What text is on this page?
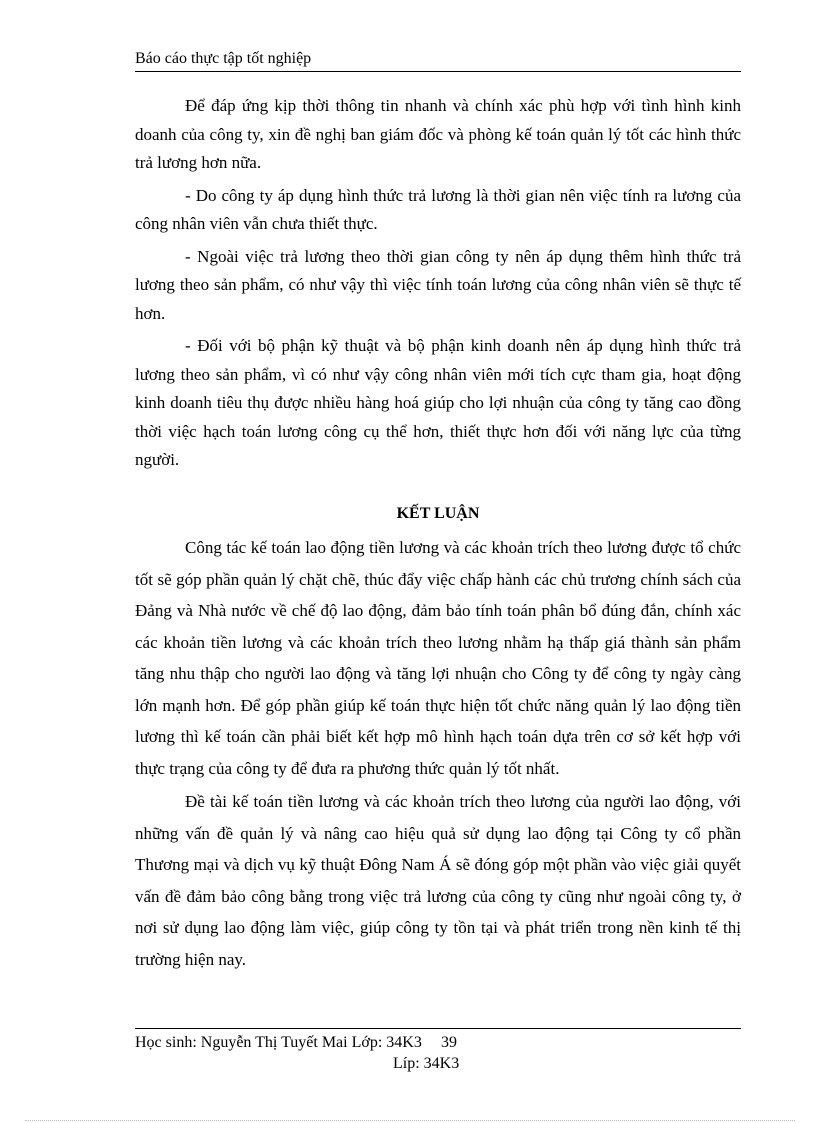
Báo cáo thực tập tốt nghiệp

Để đáp ứng kịp thời thông tin nhanh và chính xác phù hợp với tình hình kinh doanh của công ty, xin đề nghị ban giám đốc và phòng kế toán quản lý tốt các hình thức trả lương hơn nữa.

- Do công ty áp dụng hình thức trả lương là thời gian nên việc tính ra lương của công nhân viên vẫn chưa thiết thực.

- Ngoài việc trả lương theo thời gian công ty nên áp dụng thêm hình thức trả lương theo sản phẩm, có như vậy thì việc tính toán lương của công nhân viên sẽ thực tế hơn.

- Đối với bộ phận kỹ thuật và bộ phận kinh doanh nên áp dụng hình thức trả lương theo sản phẩm, vì có như vậy công nhân viên mới tích cực tham gia, hoạt động kinh doanh tiêu thụ được nhiều hàng hoá giúp cho lợi nhuận của công ty tăng cao đồng thời việc hạch toán lương công cụ thể hơn, thiết thực hơn đối với năng lực của từng người.

KẾT LUẬN

Công tác kế toán lao động tiền lương và các khoản trích theo lương được tổ chức tốt sẽ góp phần quản lý chặt chẽ, thúc đẩy việc chấp hành các chủ trương chính sách của Đảng và Nhà nước về chế độ lao động, đảm bảo tính toán phân bổ đúng đắn, chính xác các khoản tiền lương và các khoản trích theo lương nhằm hạ thấp giá thành sản phẩm tăng nhu thập cho người lao động và tăng lợi nhuận cho Công ty để công ty ngày càng lớn mạnh hơn. Để góp phần giúp kế toán thực hiện tốt chức năng quản lý lao động tiền lương thì kế toán cần phải biết kết hợp mô hình hạch toán dựa trên cơ sở kết hợp với thực trạng của công ty để đưa ra phương thức quản lý tốt nhất.

Đề tài kế toán tiền lương và các khoản trích theo lương của người lao động, với những vấn đề quản lý và nâng cao hiệu quả sử dụng lao động tại Công ty cổ phần Thương mại và dịch vụ kỹ thuật Đông Nam Á sẽ đóng góp một phần vào việc giải quyết vấn đề đảm bảo công bằng trong việc trả lương của công ty cũng như ngoài công ty, ở nơi sử dụng lao động làm việc, giúp công ty tồn tại và phát triển trong nền kinh tế thị trường hiện nay.

Học sinh: Nguyễn Thị Tuyết Mai Lớp: 34K3 39
Líp: 34K3
